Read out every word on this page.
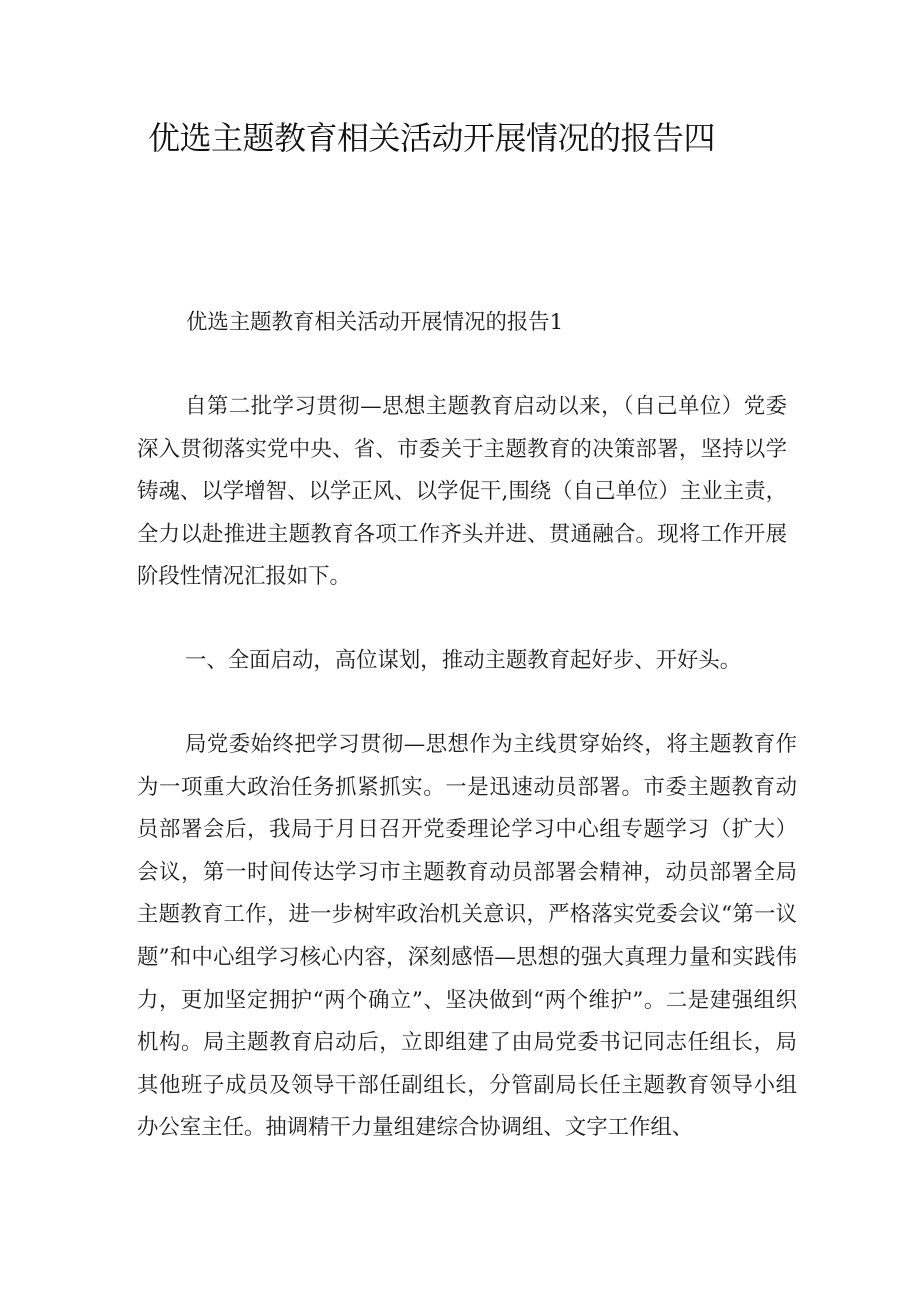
优选主题教育相关活动开展情况的报告四

优选主题教育相关活动开展情况的报告1

自第二批学习贯彻—思想主题教育启动以来，（自己单位）党委深入贯彻落实党中央、省、市委关于主题教育的决策部署，坚持以学铸魂、以学增智、以学正风、以学促干,围绕（自己单位）主业主责，全力以赴推进主题教育各项工作齐头并进、贯通融合。现将工作开展阶段性情况汇报如下。

一、全面启动，高位谋划，推动主题教育起好步、开好头。

局党委始终把学习贯彻—思想作为主线贯穿始终，将主题教育作为一项重大政治任务抓紧抓实。一是迅速动员部署。市委主题教育动员部署会后，我局于月日召开党委理论学习中心组专题学习（扩大）会议，第一时间传达学习市主题教育动员部署会精神，动员部署全局主题教育工作，进一步树牢政治机关意识，严格落实党委会议“第一议题”和中心组学习核心内容，深刻感悟—思想的强大真理力量和实践伟力，更加坚定拥护“两个确立”、坚决做到“两个维护”。二是建强组织机构。局主题教育启动后，立即组建了由局党委书记同志任组长，局其他班子成员及领导干部任副组长，分管副局长任主题教育领导小组办公室主任。抽调精干力量组建综合协调组、文字工作组、
